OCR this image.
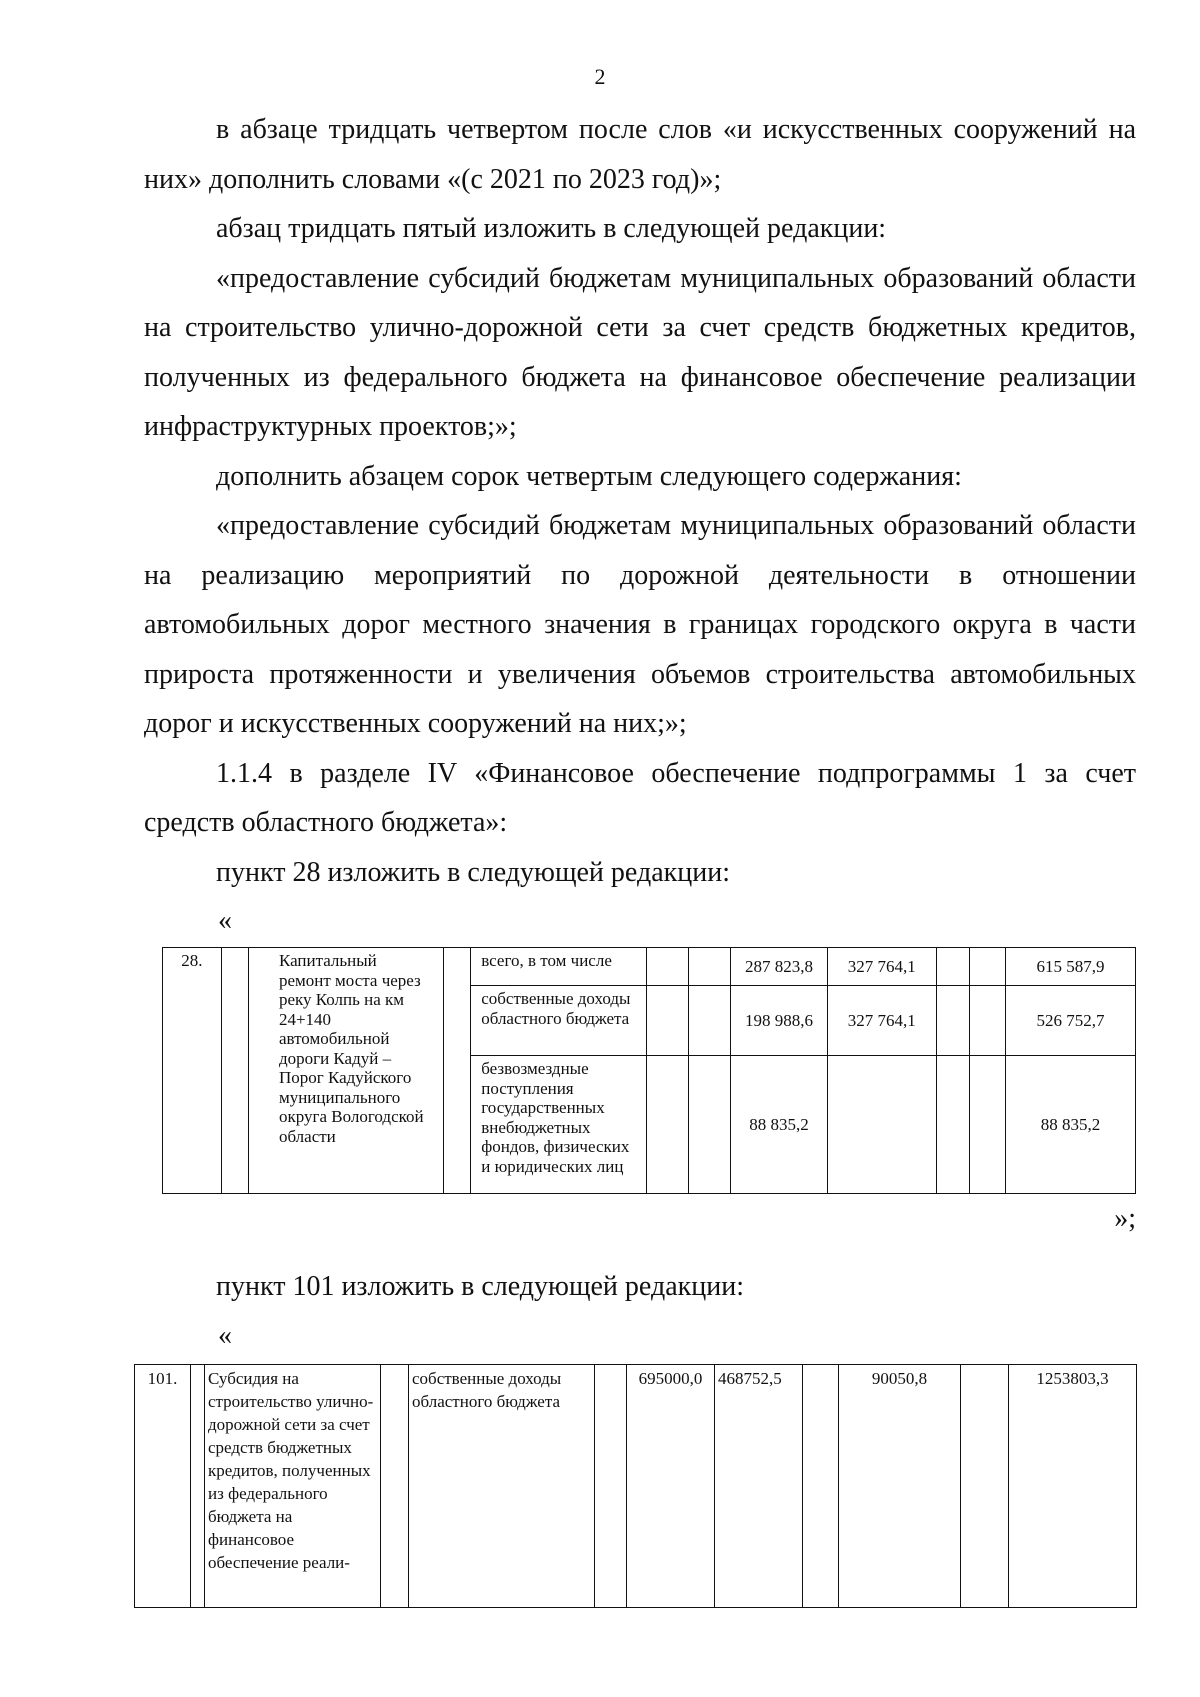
2

в абзаце тридцать четвертом после слов «и искусственных сооружений на них» дополнить словами «(с 2021 по 2023 год)»;

абзац тридцать пятый изложить в следующей редакции:

«предоставление субсидий бюджетам муниципальных образований области на строительство улично-дорожной сети за счет средств бюджетных кредитов, полученных из федерального бюджета на финансовое обеспечение реализации инфраструктурных проектов;»;

дополнить абзацем сорок четвертым следующего содержания:

«предоставление субсидий бюджетам муниципальных образований области на реализацию мероприятий по дорожной деятельности в отношении автомобильных дорог местного значения в границах городского округа в части прироста протяженности и увеличения объемов строительства автомобильных дорог и искусственных сооружений на них;»;

1.1.4 в разделе IV «Финансовое обеспечение подпрограммы 1 за счет средств областного бюджета»:

пункт 28 изложить в следующей редакции:

«
28.		Капитальный ремонт моста через реку Колпь на км 24+140 автомобильной дороги Кадуй – Порог Кадуйского муниципального округа Вологодской области		всего, в том числе			287 823,8	327 764,1			615 587,9
				собственные доходы областного бюджета			198 988,6	327 764,1			526 752,7
				безвозмездные поступления государственных внебюджетных фондов, физических и юридических лиц			88 835,2				88 835,2

»;

пункт 101 изложить в следующей редакции:

«
101.		Субсидия на строительство улично-дорожной сети за счет средств бюджетных кредитов, полученных из федерального бюджета на финансовое обеспечение реали-		собственные доходы областного бюджета		695000,0	468752,5		90050,8		1253803,3
